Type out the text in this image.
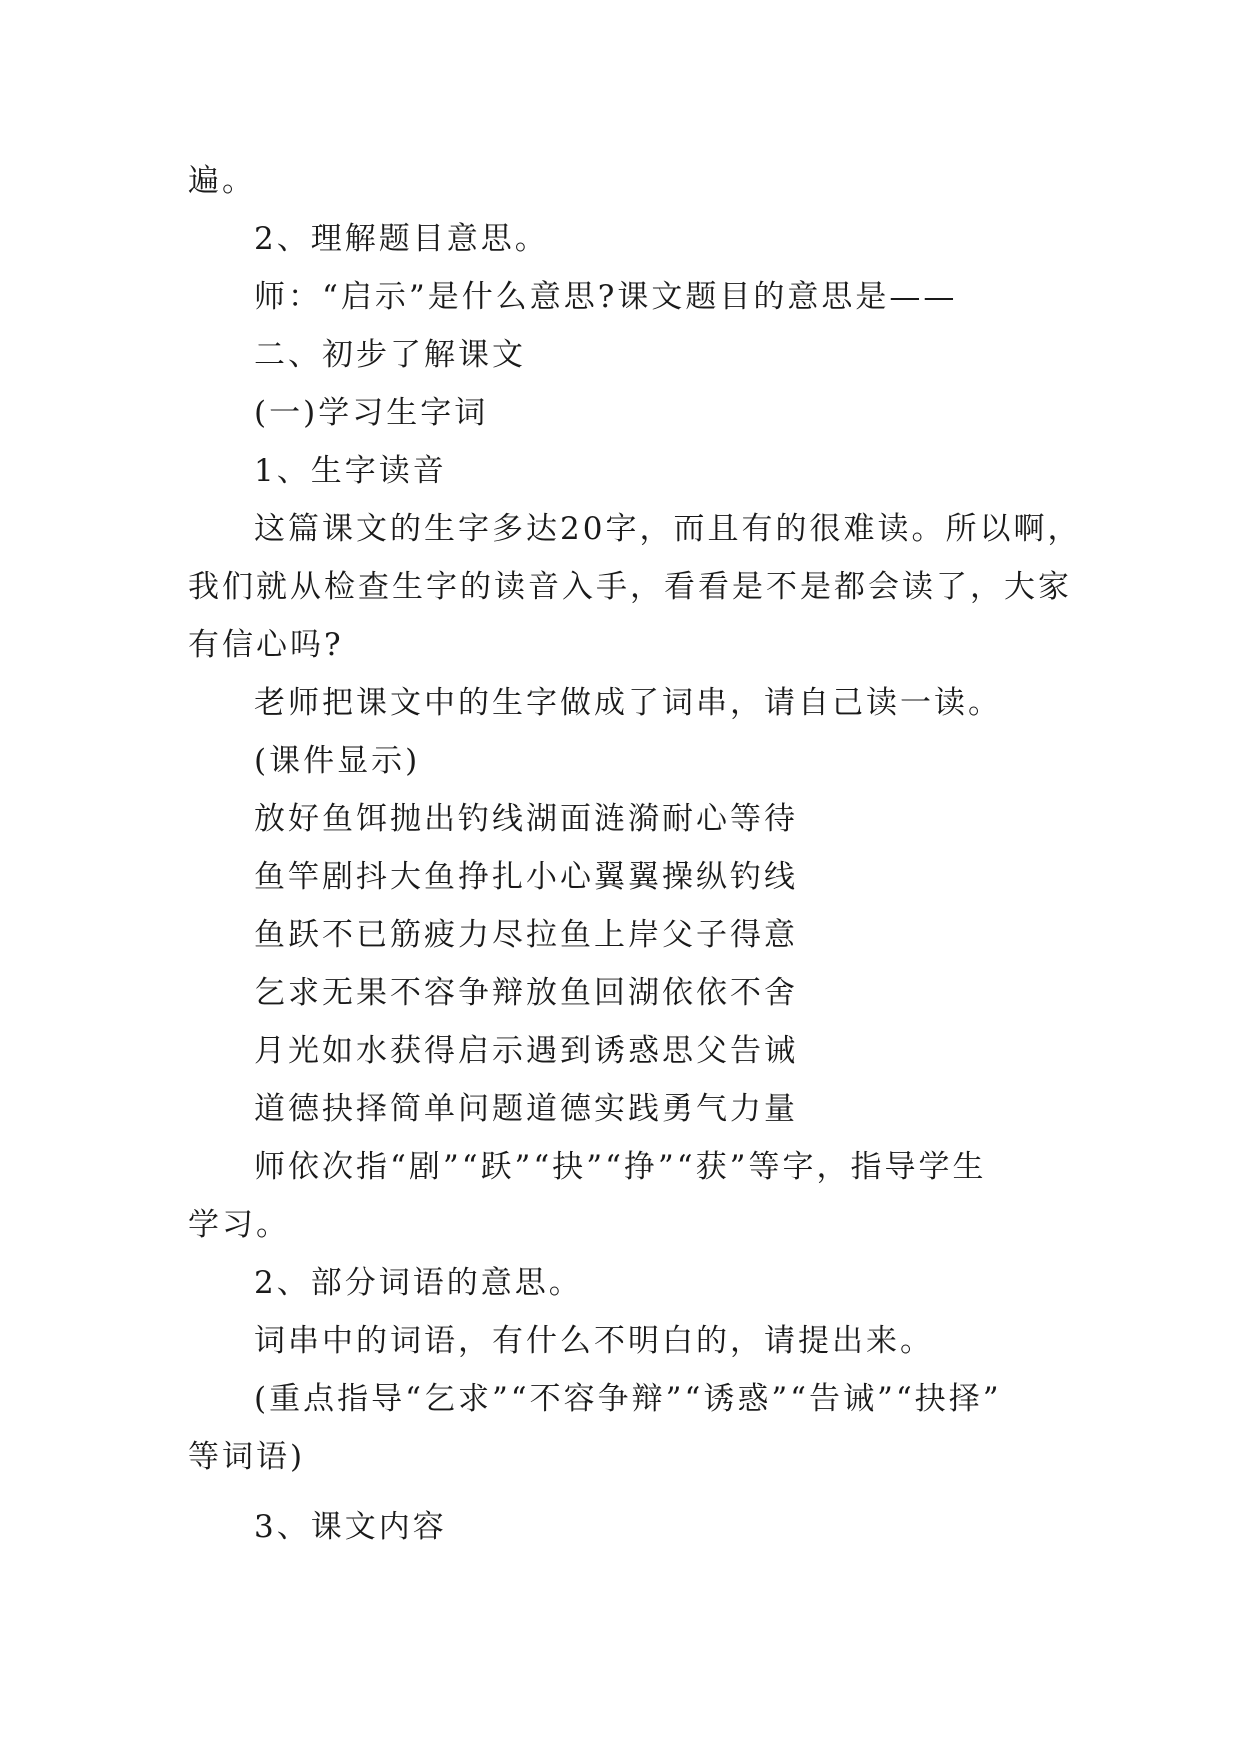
遍。
2、理解题目意思。
师：“启示”是什么意思?课文题目的意思是——
二、初步了解课文
(一)学习生字词
1、生字读音
这篇课文的生字多达20字，而且有的很难读。所以啊，
我们就从检查生字的读音入手，看看是不是都会读了，大家
有信心吗?
老师把课文中的生字做成了词串，请自己读一读。
(课件显示)
放好鱼饵抛出钓线湖面涟漪耐心等待
鱼竿剧抖大鱼挣扎小心翼翼操纵钓线
鱼跃不已筋疲力尽拉鱼上岸父子得意
乞求无果不容争辩放鱼回湖依依不舍
月光如水获得启示遇到诱惑思父告诫
道德抉择简单问题道德实践勇气力量
师依次指“剧”“跃”“抉”“挣”“获”等字，指导学生
学习。
2、部分词语的意思。
词串中的词语，有什么不明白的，请提出来。
(重点指导“乞求”“不容争辩”“诱惑”“告诫”“抉择”
等词语)
3、课文内容
